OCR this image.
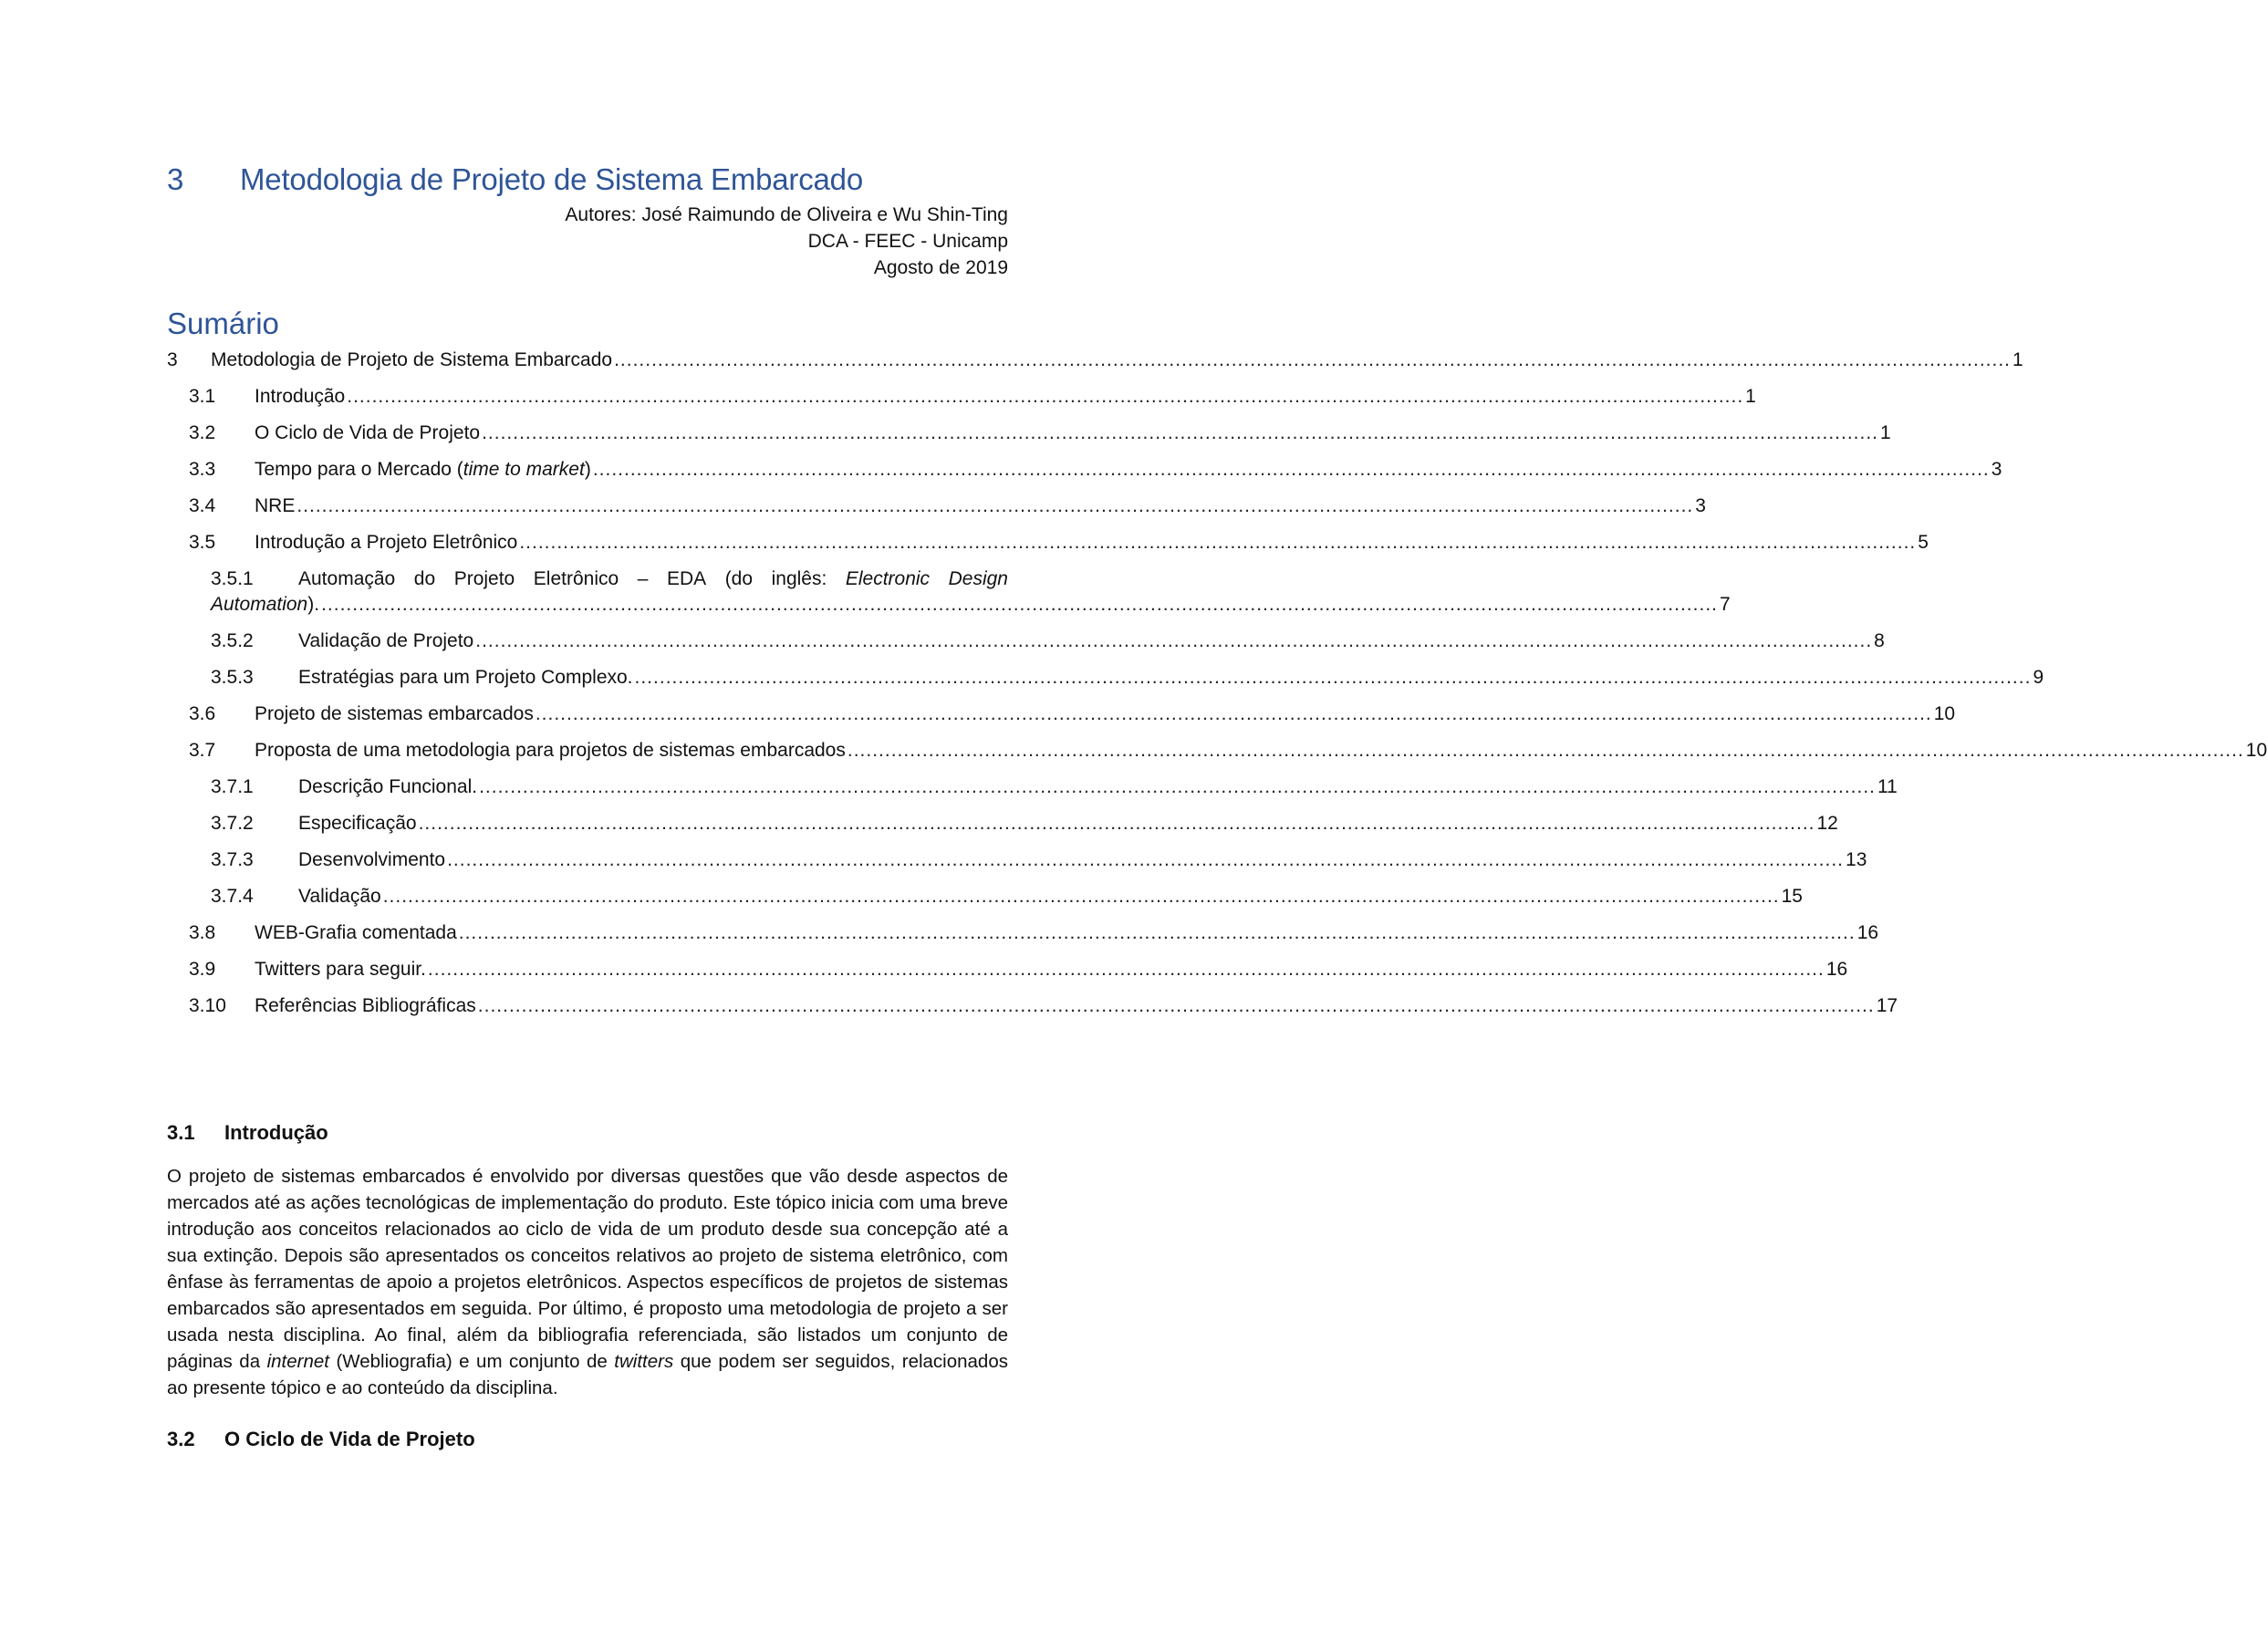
3	Metodologia de Projeto de Sistema Embarcado
Autores: José Raimundo de Oliveira e Wu Shin-Ting
DCA - FEEC - Unicamp
Agosto de 2019
Sumário
3 Metodologia de Projeto de Sistema Embarcado ................................................................................................................................................................................................................................ 1
3.1 Introdução ................................................................................................................................................................................................................................ 1
3.2 O Ciclo de Vida de Projeto ................................................................................................................................................................................................................................ 1
3.3 Tempo para o Mercado (time to market) ................................................................................................................................................................................................................................ 3
3.4 NRE ................................................................................................................................................................................................................................ 3
3.5 Introdução a Projeto Eletrônico ................................................................................................................................................................................................................................ 5
3.5.1 Automação do Projeto Eletrônico – EDA (do inglês: Electronic Design
Automation). ................................................................................................................................................................................................................................ 7
3.5.2 Validação de Projeto ................................................................................................................................................................................................................................ 8
3.5.3 Estratégias para um Projeto Complexo. ................................................................................................................................................................................................................................ 9
3.6 Projeto de sistemas embarcados ................................................................................................................................................................................................................................ 10
3.7 Proposta de uma metodologia para projetos de sistemas embarcados ................................................................................................................................................................................................................................ 10
3.7.1 Descrição Funcional. ................................................................................................................................................................................................................................ 11
3.7.2 Especificação ................................................................................................................................................................................................................................ 12
3.7.3 Desenvolvimento ................................................................................................................................................................................................................................ 13
3.7.4 Validação ................................................................................................................................................................................................................................ 15
3.8 WEB-Grafia comentada ................................................................................................................................................................................................................................ 16
3.9 Twitters para seguir. ................................................................................................................................................................................................................................ 16
3.10 Referências Bibliográficas ................................................................................................................................................................................................................................ 17
3.1	Introdução
O projeto de sistemas embarcados é envolvido por diversas questões que vão desde aspectos de mercados até as ações tecnológicas de implementação do produto. Este tópico inicia com uma breve introdução aos conceitos relacionados ao ciclo de vida de um produto desde sua concepção até a sua extinção. Depois são apresentados os conceitos relativos ao projeto de sistema eletrônico, com ênfase às ferramentas de apoio a projetos eletrônicos. Aspectos específicos de projetos de sistemas embarcados são apresentados em seguida. Por último, é proposto uma metodologia de projeto a ser usada nesta disciplina. Ao final, além da bibliografia referenciada, são listados um conjunto de páginas da internet (Webliografia) e um conjunto de twitters que podem ser seguidos, relacionados ao presente tópico e ao conteúdo da disciplina.
3.2	O Ciclo de Vida de Projeto
